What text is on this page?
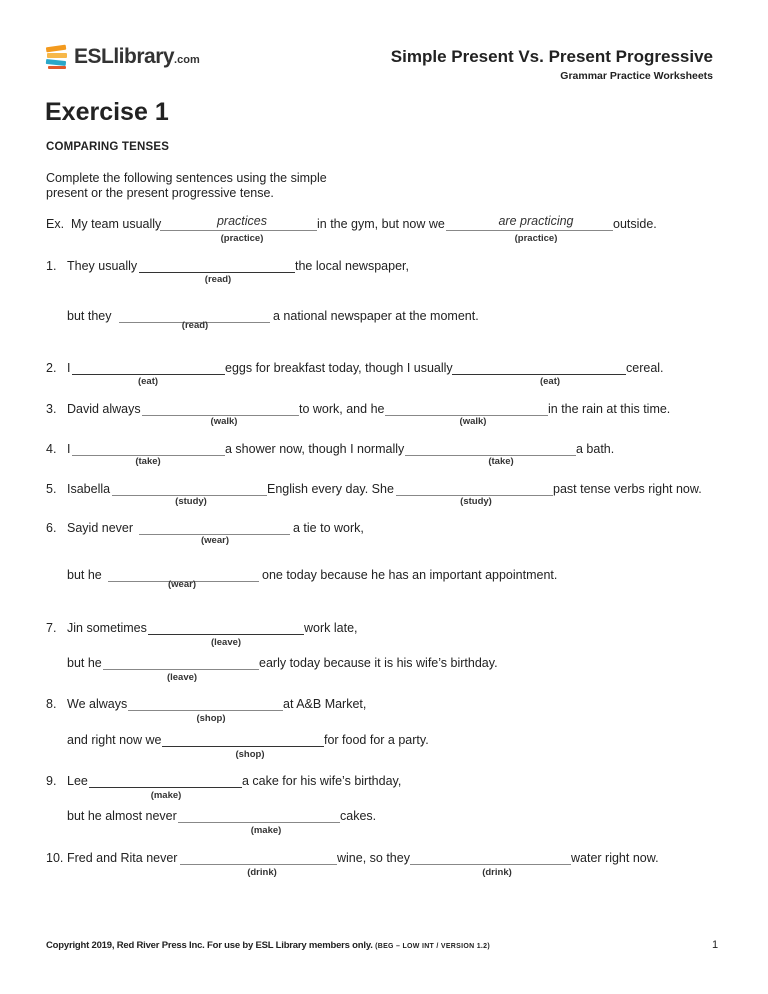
ESLlibrary.com	Simple Present Vs. Present Progressive
Grammar Practice Worksheets
Exercise 1
COMPARING TENSES
Complete the following sentences using the simple present or the present progressive tense.
Ex. My team usually	practices
(practice)
in the gym, but now we	are practicing
(practice)
outside.
1. They usually
(read)
the local newspaper,
but they
(read)
a national newspaper at the moment.
2. I
(eat)
eggs for breakfast today, though I usually
(eat)
cereal.
3. David always
(walk)
to work, and he
(walk)
in the rain at this time.
4. I
(take)
a shower now, though I normally
(take)
a bath.
5. Isabella
(study)
English every day. She
(study)
past tense verbs right now.
6. Sayid never
(wear)
a tie to work,
but he
(wear)
one today because he has an important appointment.
7. Jin sometimes
(leave)
work late,
but he
(leave)
early today because it is his wife’s birthday.
8. We always
(shop)
at A&B Market,
and right now we
(shop)
for food for a party.
9. Lee
(make)
a cake for his wife’s birthday,
but he almost never
(make)
cakes.
10. Fred and Rita never
(drink)
wine, so they
(drink)
water right now.
Copyright 2019, Red River Press Inc. For use by ESL Library members only. (BEG – LOW INT / VERSION 1.2)	1
